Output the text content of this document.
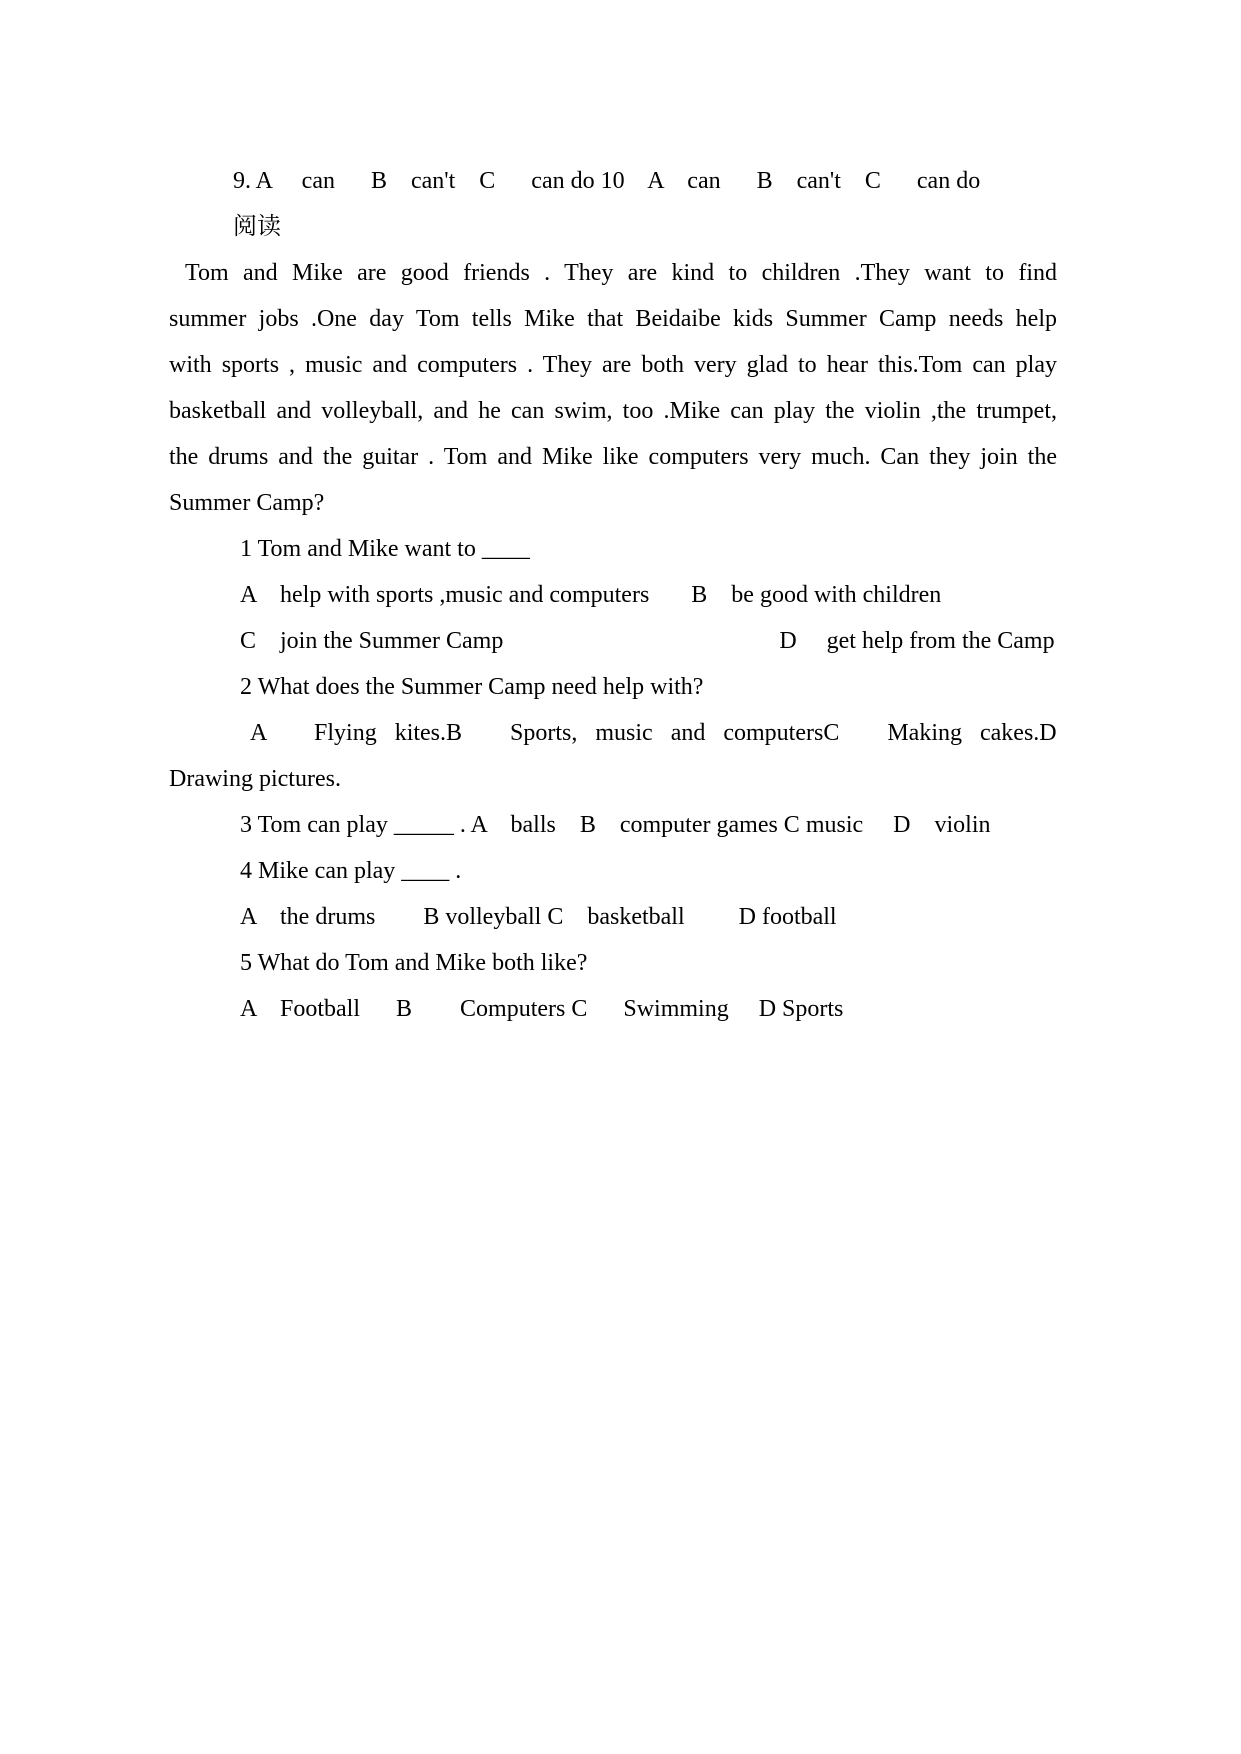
9. A     can      B    can't    C      can do 10    A    can      B    can't    C      can do
阅读
Tom and Mike are good friends . They are kind to children .They want to find
summer jobs .One day Tom tells Mike that Beidaibe kids Summer Camp needs help
with sports , music and computers . They are both very glad to hear this.Tom can play
basketball and volleyball, and he can swim, too .Mike can play the violin ,the trumpet,
the drums and the guitar . Tom and Mike like computers very much. Can they join the
Summer Camp?
1 Tom and Mike want to ____
A    help with sports ,music and computers       B    be good with children
C    join the Summer Camp                                              D     get help from the Camp
2 What does the Summer Camp need help with?
A        Flying   kites.B        Sports,   music   and   computersC        Making   cakes.D
Drawing pictures.
3 Tom can play _____ . A    balls    B    computer games C music     D    violin
4 Mike can play ____ .
A    the drums        B volleyball C    basketball         D football
5 What do Tom and Mike both like?
A    Football      B        Computers C      Swimming     D Sports
